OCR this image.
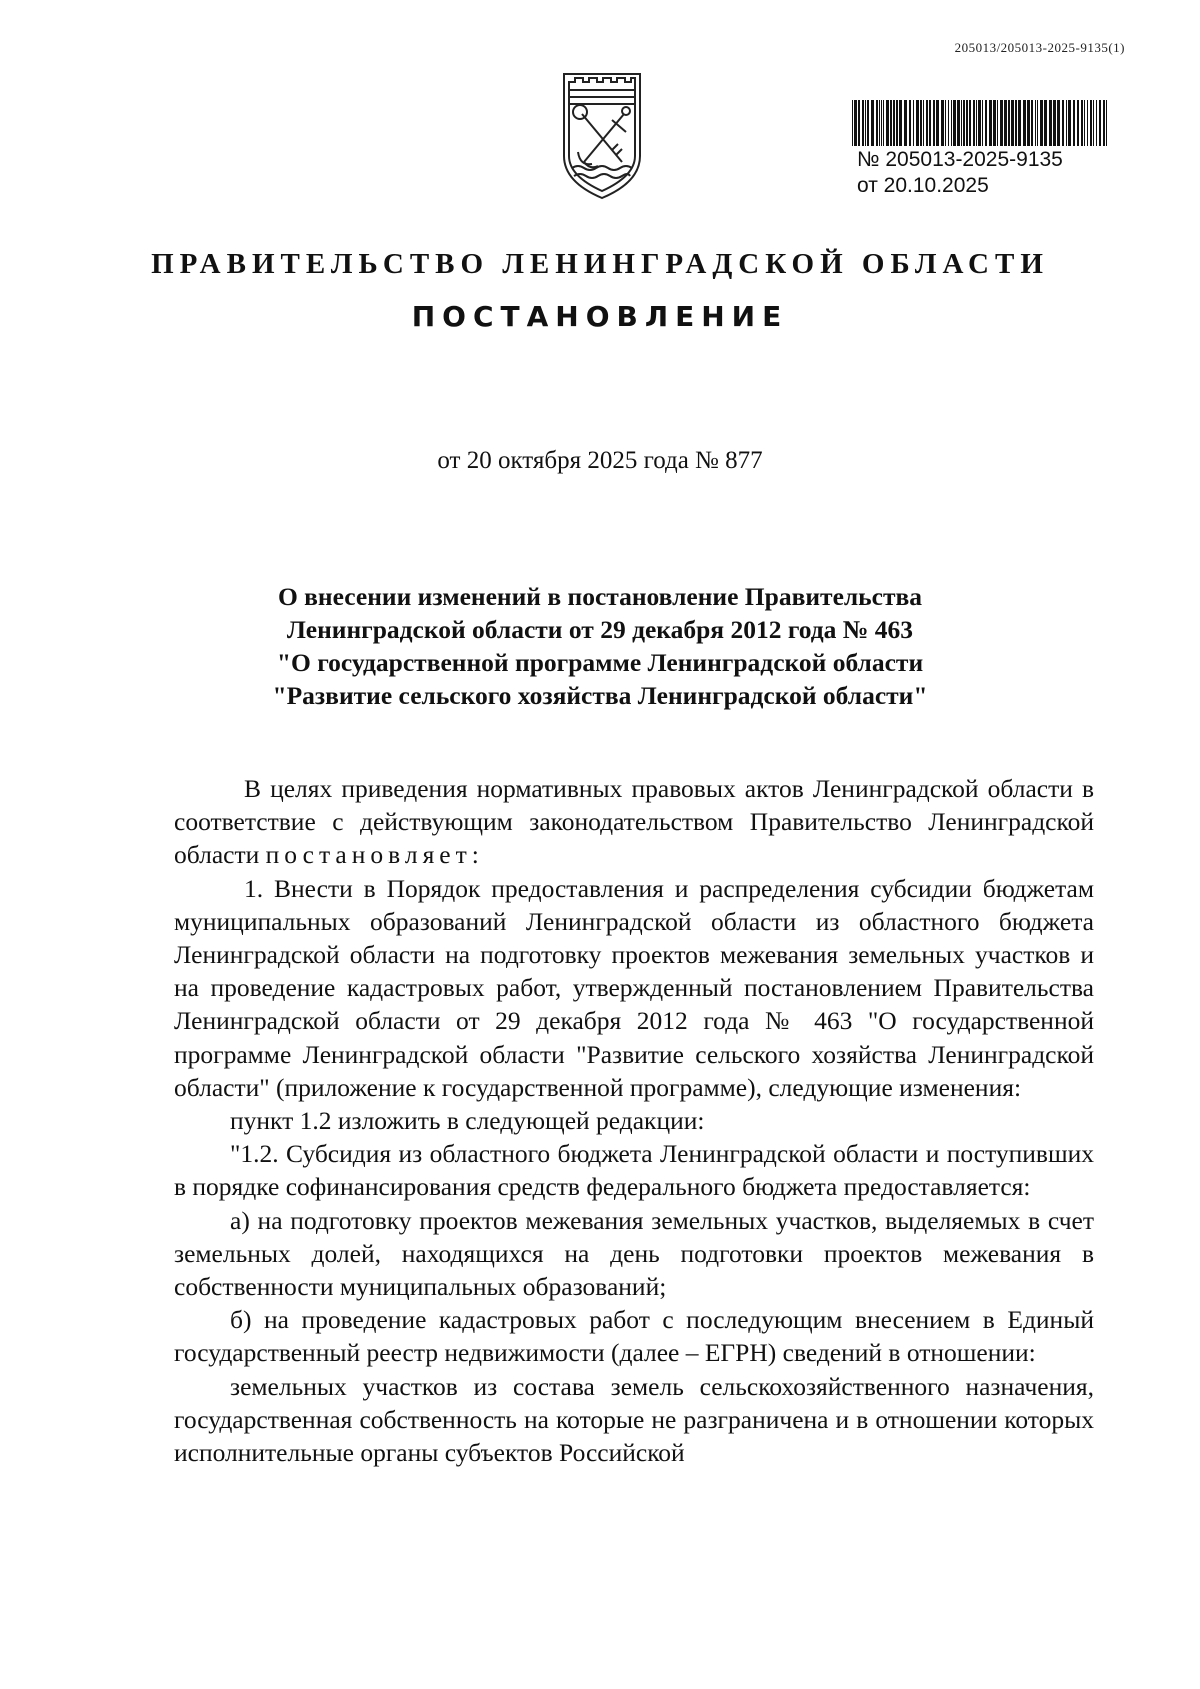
205013/205013-2025-9135(1)
№ 205013-2025-9135
от 20.10.2025
ПРАВИТЕЛЬСТВО ЛЕНИНГРАДСКОЙ ОБЛАСТИ
ПОСТАНОВЛЕНИЕ
от 20 октября 2025 года № 877
О внесении изменений в постановление Правительства
Ленинградской области от 29 декабря 2012 года № 463
"О государственной программе Ленинградской области
"Развитие сельского хозяйства Ленинградской области"

В целях приведения нормативных правовых актов Ленинградской области в соответствие с действующим законодательством Правительство Ленинградской области постановляет:

1. Внести в Порядок предоставления и распределения субсидии бюджетам муниципальных образований Ленинградской области из областного бюджета Ленинградской области на подготовку проектов межевания земельных участков и на проведение кадастровых работ, утвержденный постановлением Правительства Ленинградской области от 29 декабря 2012 года № 463 "О государственной программе Ленинградской области "Развитие сельского хозяйства Ленинградской области" (приложение к государственной программе), следующие изменения:

пункт 1.2 изложить в следующей редакции:

"1.2. Субсидия из областного бюджета Ленинградской области и поступивших в порядке софинансирования средств федерального бюджета предоставляется:

а) на подготовку проектов межевания земельных участков, выделяемых в счет земельных долей, находящихся на день подготовки проектов межевания в собственности муниципальных образований;

б) на проведение кадастровых работ с последующим внесением в Единый государственный реестр недвижимости (далее – ЕГРН) сведений в отношении:

земельных участков из состава земель сельскохозяйственного назначения, государственная собственность на которые не разграничена и в отношении которых исполнительные органы субъектов Российской
